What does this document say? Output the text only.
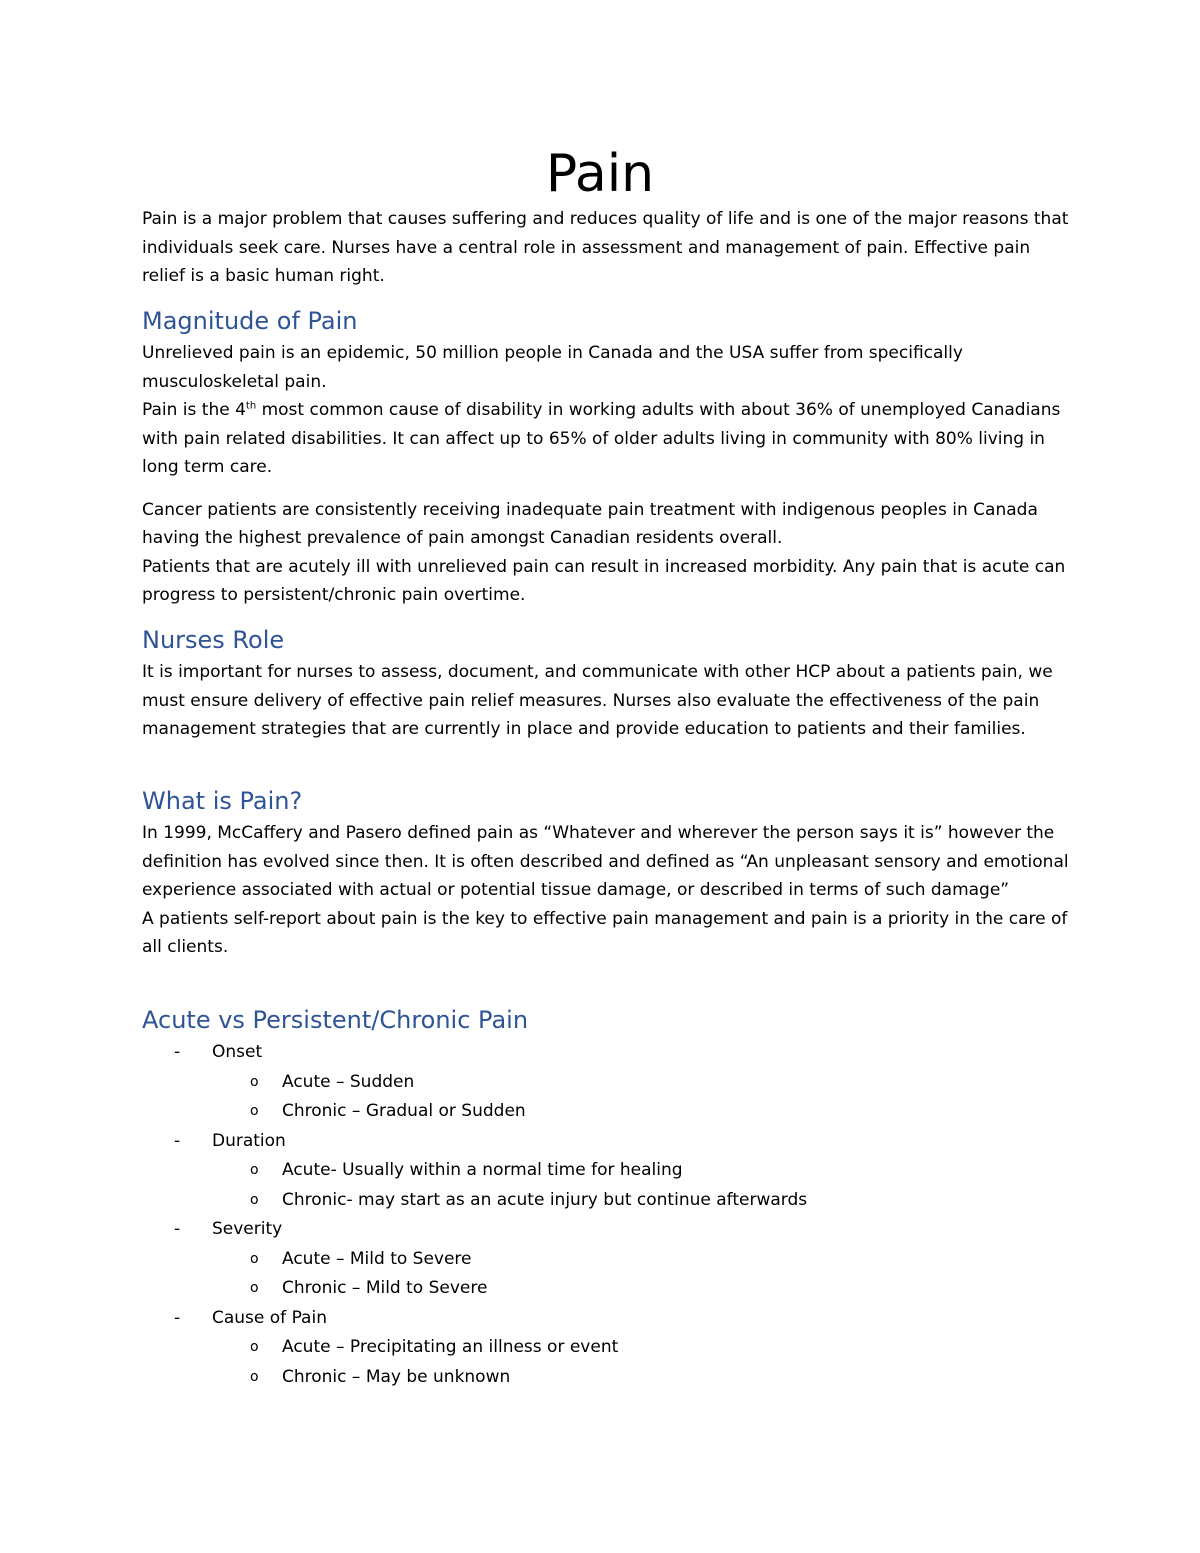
Pain

Pain is a major problem that causes suffering and reduces quality of life and is one of the major reasons that individuals seek care. Nurses have a central role in assessment and management of pain. Effective pain relief is a basic human right.

Magnitude of Pain

Unrelieved pain is an epidemic, 50 million people in Canada and the USA suffer from specifically musculoskeletal pain.

Pain is the 4th most common cause of disability in working adults with about 36% of unemployed Canadians with pain related disabilities. It can affect up to 65% of older adults living in community with 80% living in long term care.

Cancer patients are consistently receiving inadequate pain treatment with indigenous peoples in Canada having the highest prevalence of pain amongst Canadian residents overall.

Patients that are acutely ill with unrelieved pain can result in increased morbidity. Any pain that is acute can progress to persistent/chronic pain overtime.

Nurses Role

It is important for nurses to assess, document, and communicate with other HCP about a patients pain, we must ensure delivery of effective pain relief measures. Nurses also evaluate the effectiveness of the pain management strategies that are currently in place and provide education to patients and their families.

What is Pain?

In 1999, McCaffery and Pasero defined pain as “Whatever and wherever the person says it is” however the definition has evolved since then. It is often described and defined as “An unpleasant sensory and emotional experience associated with actual or potential tissue damage, or described in terms of such damage”

A patients self-report about pain is the key to effective pain management and pain is a priority in the care of all clients.

Acute vs Persistent/Chronic Pain
- Onset
o Acute – Sudden
o Chronic – Gradual or Sudden
- Duration
o Acute- Usually within a normal time for healing
o Chronic- may start as an acute injury but continue afterwards
- Severity
o Acute – Mild to Severe
o Chronic – Mild to Severe
- Cause of Pain
o Acute – Precipitating an illness or event
o Chronic – May be unknown
